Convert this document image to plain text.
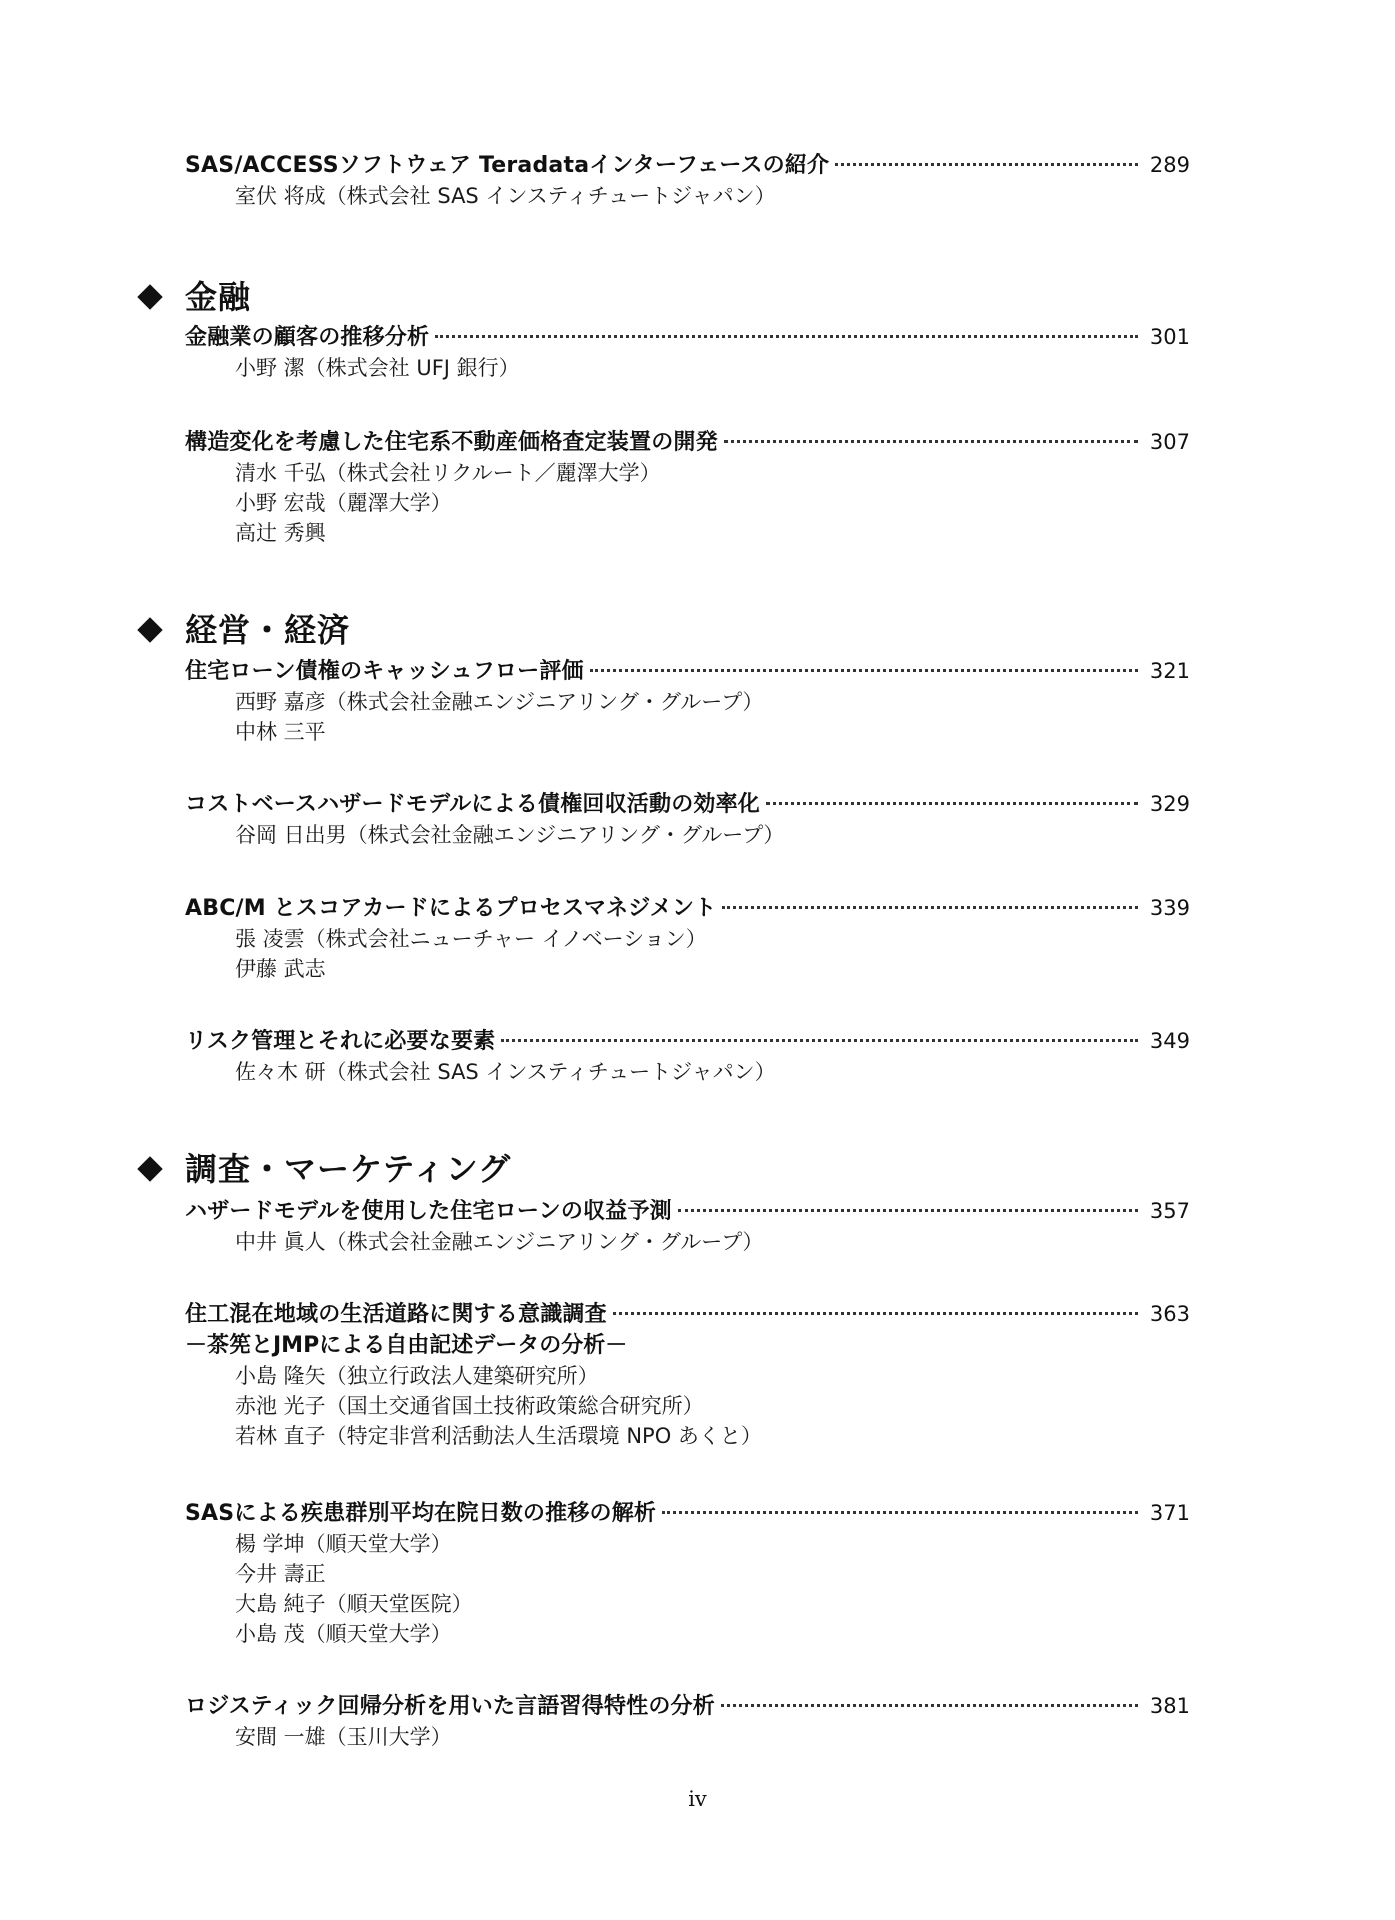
SAS/ACCESSソフトウェア Teradataインターフェースの紹介	289
室伏 将成（株式会社 SAS インスティチュートジャパン）
金融
金融業の顧客の推移分析	301
小野 潔（株式会社 UFJ 銀行）
構造変化を考慮した住宅系不動産価格査定装置の開発	307
清水 千弘（株式会社リクルート／麗澤大学）
小野 宏哉（麗澤大学）
高辻 秀興
経営・経済
住宅ローン債権のキャッシュフロー評価	321
西野 嘉彦（株式会社金融エンジニアリング・グループ）
中林 三平
コストベースハザードモデルによる債権回収活動の効率化	329
谷岡 日出男（株式会社金融エンジニアリング・グループ）
ABC/M とスコアカードによるプロセスマネジメント	339
張 凌雲（株式会社ニューチャー イノベーション）
伊藤 武志
リスク管理とそれに必要な要素	349
佐々木 研（株式会社 SAS インスティチュートジャパン）
調査・マーケティング
ハザードモデルを使用した住宅ローンの収益予測	357
中井 眞人（株式会社金融エンジニアリング・グループ）
住工混在地域の生活道路に関する意識調査	363
－茶筅とJMPによる自由記述データの分析－
小島 隆矢（独立行政法人建築研究所）
赤池 光子（国土交通省国土技術政策総合研究所）
若林 直子（特定非営利活動法人生活環境 NPO あくと）
SASによる疾患群別平均在院日数の推移の解析	371
楊 学坤（順天堂大学）
今井 壽正
大島 純子（順天堂医院）
小島 茂（順天堂大学）
ロジスティック回帰分析を用いた言語習得特性の分析	381
安間 一雄（玉川大学）
iv
